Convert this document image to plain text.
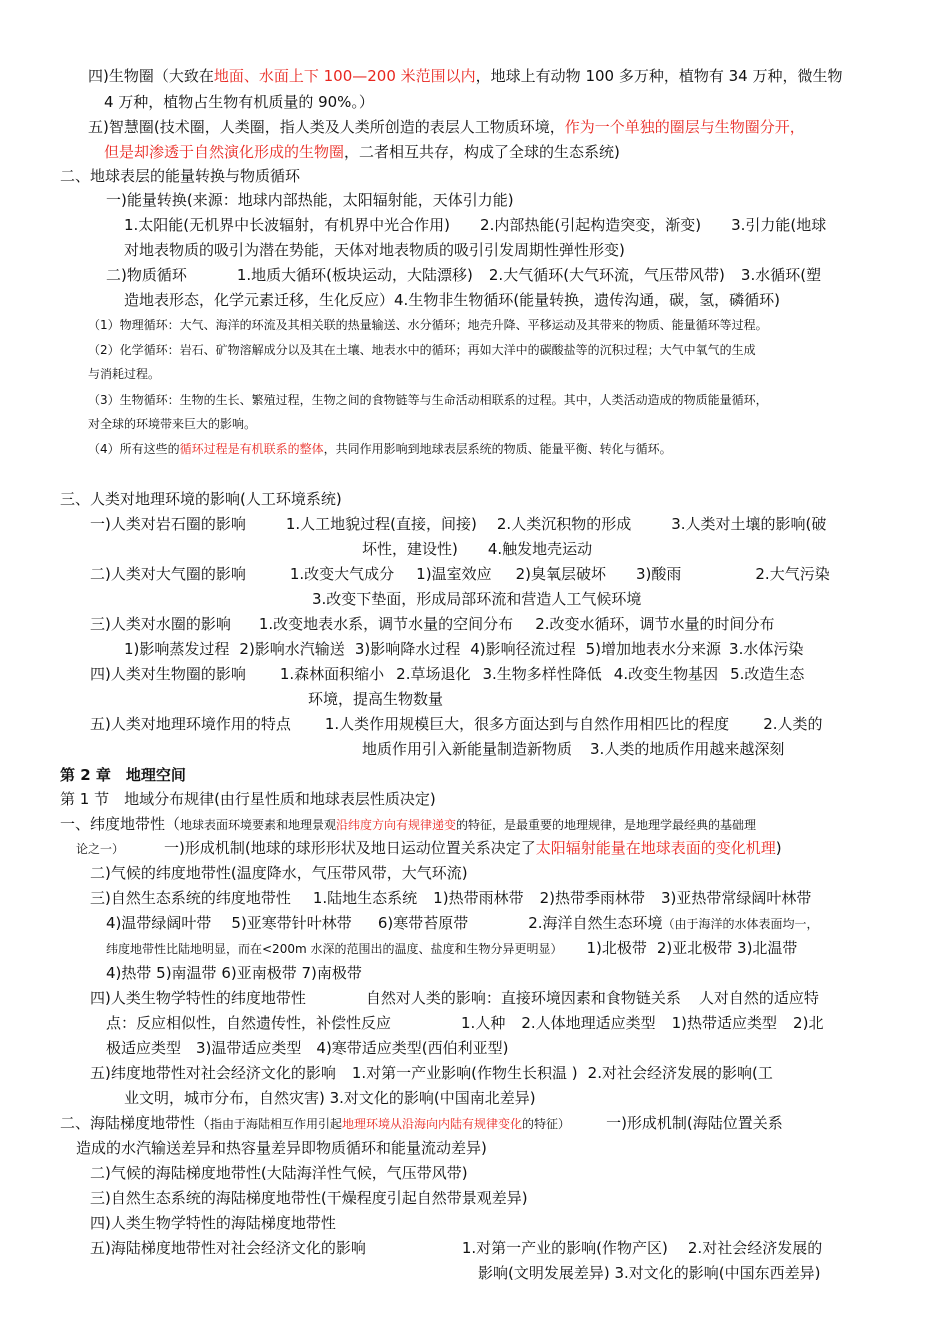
四)生物圈（大致在地面、水面上下 100—200 米范围以内，地球上有动物 100 多万种，植物有 34 万种，微生物
4 万种，植物占生物有机质量的 90%。）
五)智慧圈(技术圈，人类圈，指人类及人类所创造的表层人工物质环境，作为一个单独的圈层与生物圈分开，
但是却渗透于自然演化形成的生物圈，二者相互共存，构成了全球的生态系统)
二、地球表层的能量转换与物质循环
一)能量转换(来源：地球内部热能，太阳辐射能，天体引力能)
1.太阳能(无机界中长波辐射，有机界中光合作用) 2.内部热能(引起构造突变，渐变) 3.引力能(地球
对地表物质的吸引为潜在势能，天体对地表物质的吸引引发周期性弹性形变)
二)物质循环	1.地质大循环(板块运动，大陆漂移) 2.大气循环(大气环流，气压带风带) 3.水循环(塑
造地表形态，化学元素迁移，生化反应）4.生物非生物循环(能量转换，遗传沟通，碳，氢，磷循环)
（1）物理循环：大气、海洋的环流及其相关联的热量输送、水分循环；地壳升降、平移运动及其带来的物质、能量循环等过程。
（2）化学循环：岩石、矿物溶解成分以及其在土壤、地表水中的循环；再如大洋中的碳酸盐等的沉积过程；大气中氧气的生成
与消耗过程。
（3）生物循环：生物的生长、繁殖过程，生物之间的食物链等与生命活动相联系的过程。其中，人类活动造成的物质能量循环，
对全球的环境带来巨大的影响。
（4）所有这些的循环过程是有机联系的整体，共同作用影响到地球表层系统的物质、能量平衡、转化与循环。
三、人类对地理环境的影响(人工环境系统)
一)人类对岩石圈的影响	1.人工地貌过程(直接，间接) 2.人类沉积物的形成	3.人类对土壤的影响(破
坏性，建设性) 4.触发地壳运动
二)人类对大气圈的影响	1.改变大气成分 1)温室效应 2)臭氧层破坏 3)酸雨	2.大气污染
3.改变下垫面，形成局部环流和营造人工气候环境
三)人类对水圈的影响 1.改变地表水系，调节水量的空间分布 2.改变水循环，调节水量的时间分布
1)影响蒸发过程 2)影响水汽输送 3)影响降水过程 4)影响径流过程 5)增加地表水分来源 3.水体污染
四)人类对生物圈的影响 1.森林面积缩小 2.草场退化 3.生物多样性降低 4.改变生物基因 5.改造生态
环境，提高生物数量
五)人类对地理环境作用的特点 1.人类作用规模巨大，很多方面达到与自然作用相匹比的程度 2.人类的
地质作用引入新能量制造新物质 3.人类的地质作用越来越深刻
第 2 章　地理空间
第 1 节　地域分布规律(由行星性质和地球表层性质决定)
一、纬度地带性（地球表面环境要素和地理景观沿纬度方向有规律递变的特征，是最重要的地理规律，是地理学最经典的基础理
论之一）	一)形成机制(地球的球形形状及地日运动位置关系决定了太阳辐射能量在地球表面的变化机理)
二)气候的纬度地带性(温度降水，气压带风带，大气环流)
三)自然生态系统的纬度地带性 1.陆地生态系统 1)热带雨林带 2)热带季雨林带 3)亚热带常绿阔叶林带
4)温带绿阔叶带 5)亚寒带针叶林带 6)寒带苔原带	2.海洋自然生态环境（由于海洋的水体表面均一，
纬度地带性比陆地明显，而在<200m 水深的范围出的温度、盐度和生物分异更明显） 1)北极带 2)亚北极带 3)北温带
4)热带 5)南温带 6)亚南极带 7)南极带
四)人类生物学特性的纬度地带性	自然对人类的影响：直接环境因素和食物链关系 人对自然的适应特
点：反应相似性，自然遗传性，补偿性反应	1.人种 2.人体地理适应类型 1)热带适应类型 2)北
极适应类型　3)温带适应类型　4)寒带适应类型(西伯利亚型)
五)纬度地带性对社会经济文化的影响 1.对第一产业影响(作物生长积温 ) 2.对社会经济发展的影响(工
业文明，城市分布，自然灾害) 3.对文化的影响(中国南北差异)
二、海陆梯度地带性（指由于海陆相互作用引起地理环境从沿海向内陆有规律变化的特征） 一)形成机制(海陆位置关系
造成的水汽输送差异和热容量差异即物质循环和能量流动差异)
二)气候的海陆梯度地带性(大陆海洋性气候，气压带风带)
三)自然生态系统的海陆梯度地带性(干燥程度引起自然带景观差异)
四)人类生物学特性的海陆梯度地带性
五)海陆梯度地带性对社会经济文化的影响	1.对第一产业的影响(作物产区) 2.对社会经济发展的
影响(文明发展差异) 3.对文化的影响(中国东西差异)
